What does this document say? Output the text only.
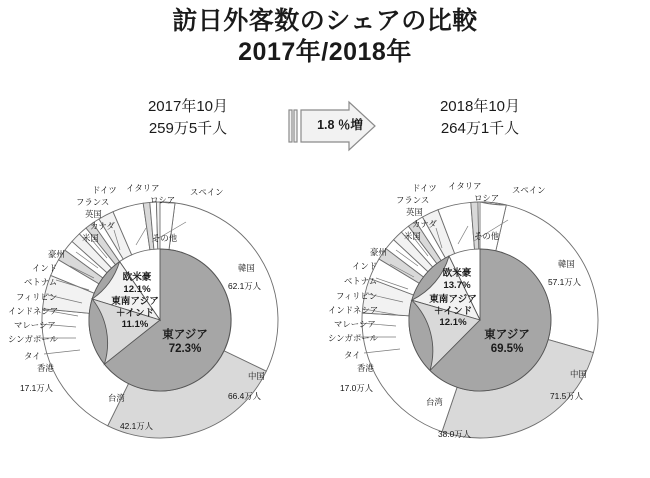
訪日外客数のシェアの比較
2017年/2018年
2017年10月
259万5千人
2018年10月
264万1千人
1.8 ％増
韓国
62.1万人
中国
66.4万人
台湾
42.1万人
香港
17.1万人
タイ
シンガポール
マレーシア
インドネシア
フィリピン
ベトナム
インド
豪州
米国
カナダ
英国
フランス
ドイツ イタリア
ロシア
スペイン
その他
欧米豪
12.1%
東南アジア
＋インド
11.1%
東アジア
72.3%
韓国
57.1万人
中国
71.5万人
台湾
38.0万人
香港
17.0万人
タイ
シンガポール
マレーシア
インドネシア
フィリピン
ベトナム
インド
豪州
米国
カナダ
英国
フランス
ドイツ イタリア
ロシア
スペイン
その他
欧米豪
13.7%
東南アジア
＋インド
12.1%
東アジア
69.5%
